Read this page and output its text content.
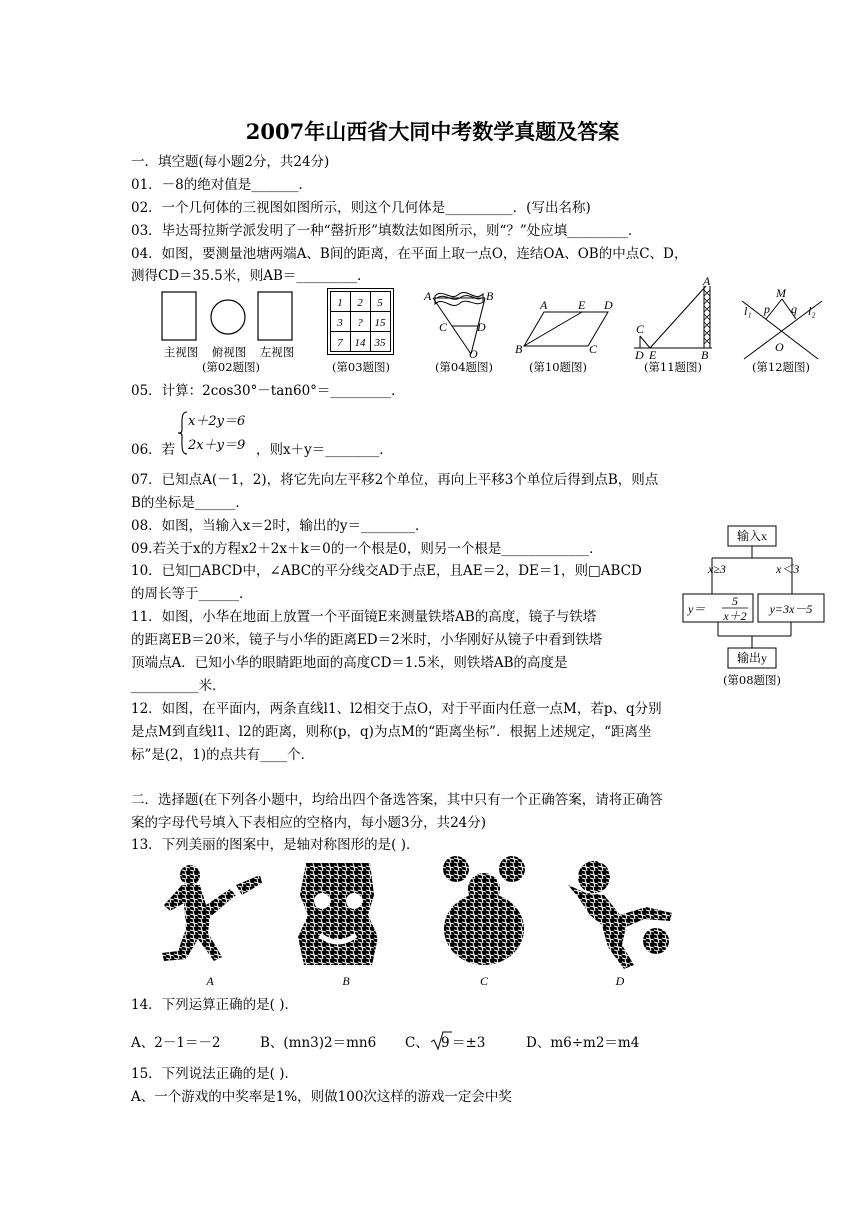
2007年山西省大同中考数学真题及答案
一．填空题(每小题2分，共24分)
01．－8的绝对值是_______．
02．一个几何体的三视图如图所示，则这个几何体是__________．(写出名称)
03．毕达哥拉斯学派发明了一种“罄折形”填数法如图所示，则“？”处应填_________．
04．如图，要测量池塘两端A、B间的距离，在平面上取一点O，连结OA、OB的中点C、D，
测得CD＝35.5米，则AB＝_________．
主视图	俯视图	左视图
(第02题图)
1 2 5
3 ? 15
7 14 35
(第03题图)
A	B
C D
O
(第04题图)
A	E D
B	C
(第10题图)
A
C
D E	B
(第11题图)
M
p q
O
l₁	l₂
(第12题图)
05．计算：2cos30°－tan60°＝_________．
06．若
x＋2y＝6
2x＋y＝9 ，则x＋y＝________．
07．已知点A(－1，2)，将它先向左平移2个单位，再向上平移3个单位后得到点B，则点
B的坐标是______．
08．如图，当输入x＝2时，输出的y＝________．
09.若关于x的方程x2＋2x＋k＝0的一个根是0，则另一个根是_____________．
10．已知□ABCD中，∠ABC的平分线交AD于点E，且AE＝2，DE＝1，则□ABCD
的周长等于______．
11．如图，小华在地面上放置一个平面镜E来测量铁塔AB的高度，镜子与铁塔
的距离EB＝20米，镜子与小华的距离ED＝2米时，小华刚好从镜子中看到铁塔
顶端点A．已知小华的眼睛距地面的高度CD＝1.5米，则铁塔AB的高度是
__________米．
输入x
x≥3	x＜3
y＝
5
x＋2 y=3x－5
输出y
(第08题图)
12．如图，在平面内，两条直线l1、l2相交于点O，对于平面内任意一点M，若p、q分别
是点M到直线l1、l2的距离，则称(p，q)为点M的“距离坐标”．根据上述规定，“距离坐
标”是(2，1)的点共有____个．
二．选择题(在下列各小题中，均给出四个备选答案，其中只有一个正确答案，请将正确答
案的字母代号填入下表相应的空格内，每小题3分，共24分)
13．下列美丽的图案中，是轴对称图形的是( )．
A	B	C	D
14．下列运算正确的是( )．
A、2－1＝－2	B、(mn3)2＝mn6 C、 9 ＝±3	D、m6÷m2＝m4
15．下列说法正确的是( )．
A、一个游戏的中奖率是1%，则做100次这样的游戏一定会中奖
